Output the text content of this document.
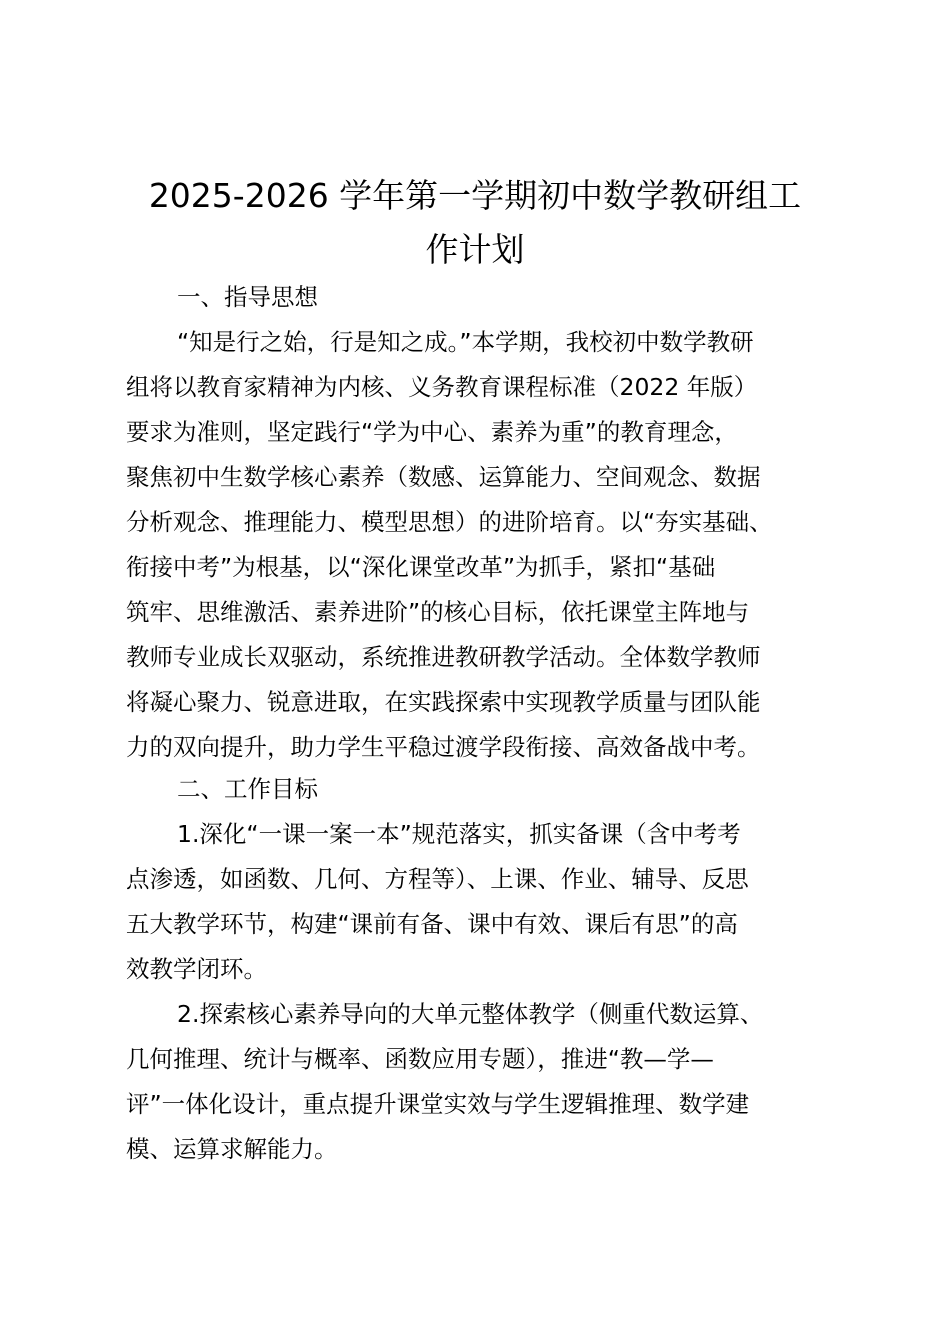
2025-2026 学年第一学期初中数学教研组工
作计划

一、指导思想

“知是行之始，行是知之成。”本学期，我校初中数学教研

组将以教育家精神为内核、义务教育课程标准（2022 年版）

要求为准则，坚定践行“学为中心、素养为重”的教育理念，

聚焦初中生数学核心素养（数感、运算能力、空间观念、数据

分析观念、推理能力、模型思想）的进阶培育。以“夯实基础、

衔接中考”为根基，以“深化课堂改革”为抓手，紧扣“基础

筑牢、思维激活、素养进阶”的核心目标，依托课堂主阵地与

教师专业成长双驱动，系统推进教研教学活动。全体数学教师

将凝心聚力、锐意进取，在实践探索中实现教学质量与团队能

力的双向提升，助力学生平稳过渡学段衔接、高效备战中考。

二、工作目标

1.深化“一课一案一本”规范落实，抓实备课（含中考考

点渗透，如函数、几何、方程等）、上课、作业、辅导、反思

五大教学环节，构建“课前有备、课中有效、课后有思”的高

效教学闭环。

2.探索核心素养导向的大单元整体教学（侧重代数运算、

几何推理、统计与概率、函数应用专题），推进“教—学—

评”一体化设计，重点提升课堂实效与学生逻辑推理、数学建

模、运算求解能力。
